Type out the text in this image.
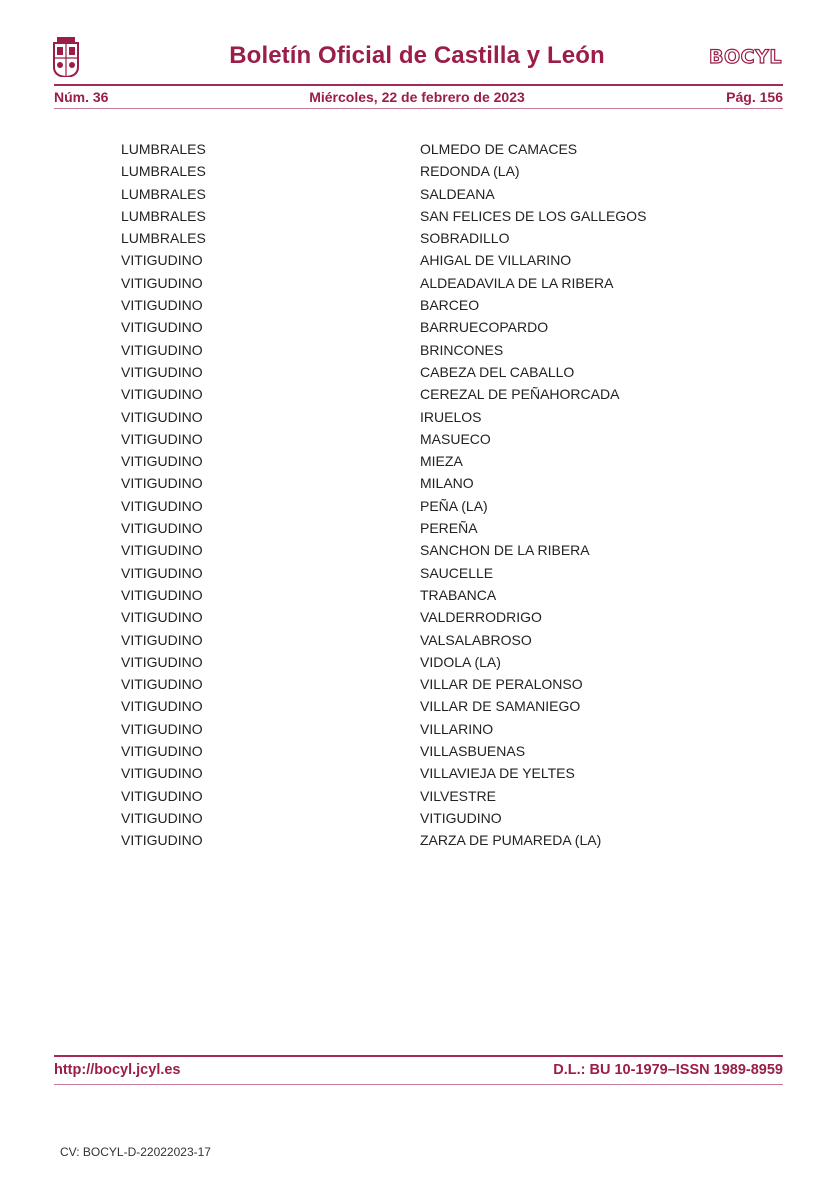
Boletín Oficial de Castilla y León	BOCYL
Núm. 36	Miércoles, 22 de febrero de 2023	Pág. 156
LUMBRALES	OLMEDO DE CAMACES
LUMBRALES	REDONDA (LA)
LUMBRALES	SALDEANA
LUMBRALES	SAN FELICES DE LOS GALLEGOS
LUMBRALES	SOBRADILLO
VITIGUDINO	AHIGAL DE VILLARINO
VITIGUDINO	ALDEADAVILA DE LA RIBERA
VITIGUDINO	BARCEO
VITIGUDINO	BARRUECOPARDO
VITIGUDINO	BRINCONES
VITIGUDINO	CABEZA DEL CABALLO
VITIGUDINO	CEREZAL DE PEÑAHORCADA
VITIGUDINO	IRUELOS
VITIGUDINO	MASUECO
VITIGUDINO	MIEZA
VITIGUDINO	MILANO
VITIGUDINO	PEÑA (LA)
VITIGUDINO	PEREÑA
VITIGUDINO	SANCHON DE LA RIBERA
VITIGUDINO	SAUCELLE
VITIGUDINO	TRABANCA
VITIGUDINO	VALDERRODRIGO
VITIGUDINO	VALSALABROSO
VITIGUDINO	VIDOLA (LA)
VITIGUDINO	VILLAR DE PERALONSO
VITIGUDINO	VILLAR DE SAMANIEGO
VITIGUDINO	VILLARINO
VITIGUDINO	VILLASBUENAS
VITIGUDINO	VILLAVIEJA DE YELTES
VITIGUDINO	VILVESTRE
VITIGUDINO	VITIGUDINO
VITIGUDINO	ZARZA DE PUMAREDA (LA)
http://bocyl.jcyl.es	D.L.: BU 10-1979–ISSN 1989-8959
CV: BOCYL-D-22022023-17
